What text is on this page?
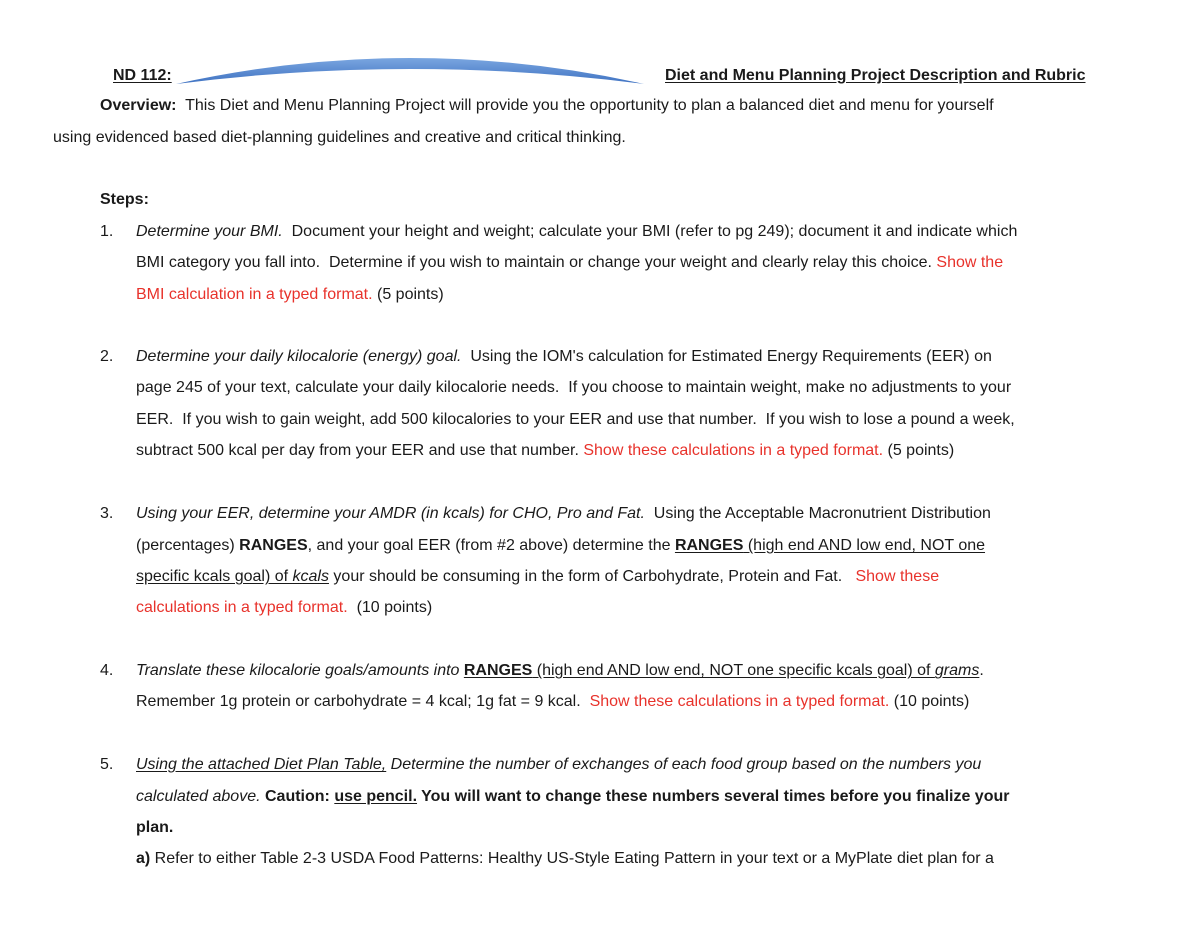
ND 112:	Diet and Menu Planning Project Description and Rubric
Overview:  This Diet and Menu Planning Project will provide you the opportunity to plan a balanced diet and menu for yourself
using evidenced based diet-planning guidelines and creative and critical thinking.
Steps:
1. Determine your BMI.  Document your height and weight; calculate your BMI (refer to pg 249); document it and indicate which
BMI category you fall into.  Determine if you wish to maintain or change your weight and clearly relay this choice. Show the
BMI calculation in a typed format. (5 points)
2. Determine your daily kilocalorie (energy) goal.  Using the IOM's calculation for Estimated Energy Requirements (EER) on
page 245 of your text, calculate your daily kilocalorie needs.  If you choose to maintain weight, make no adjustments to your
EER.  If you wish to gain weight, add 500 kilocalories to your EER and use that number.  If you wish to lose a pound a week,
subtract 500 kcal per day from your EER and use that number. Show these calculations in a typed format. (5 points)
3. Using your EER, determine your AMDR (in kcals) for CHO, Pro and Fat.  Using the Acceptable Macronutrient Distribution
(percentages) RANGES, and your goal EER (from #2 above) determine the RANGES (high end AND low end, NOT one
specific kcals goal) of kcals your should be consuming in the form of Carbohydrate, Protein and Fat.   Show these
calculations in a typed format.  (10 points)
4. Translate these kilocalorie goals/amounts into RANGES (high end AND low end, NOT one specific kcals goal) of grams.
Remember 1g protein or carbohydrate = 4 kcal; 1g fat = 9 kcal.  Show these calculations in a typed format. (10 points)
5. Using the attached Diet Plan Table, Determine the number of exchanges of each food group based on the numbers you
calculated above. Caution: use pencil. You will want to change these numbers several times before you finalize your
plan.
a) Refer to either Table 2-3 USDA Food Patterns: Healthy US-Style Eating Pattern in your text or a MyPlate diet plan for a
